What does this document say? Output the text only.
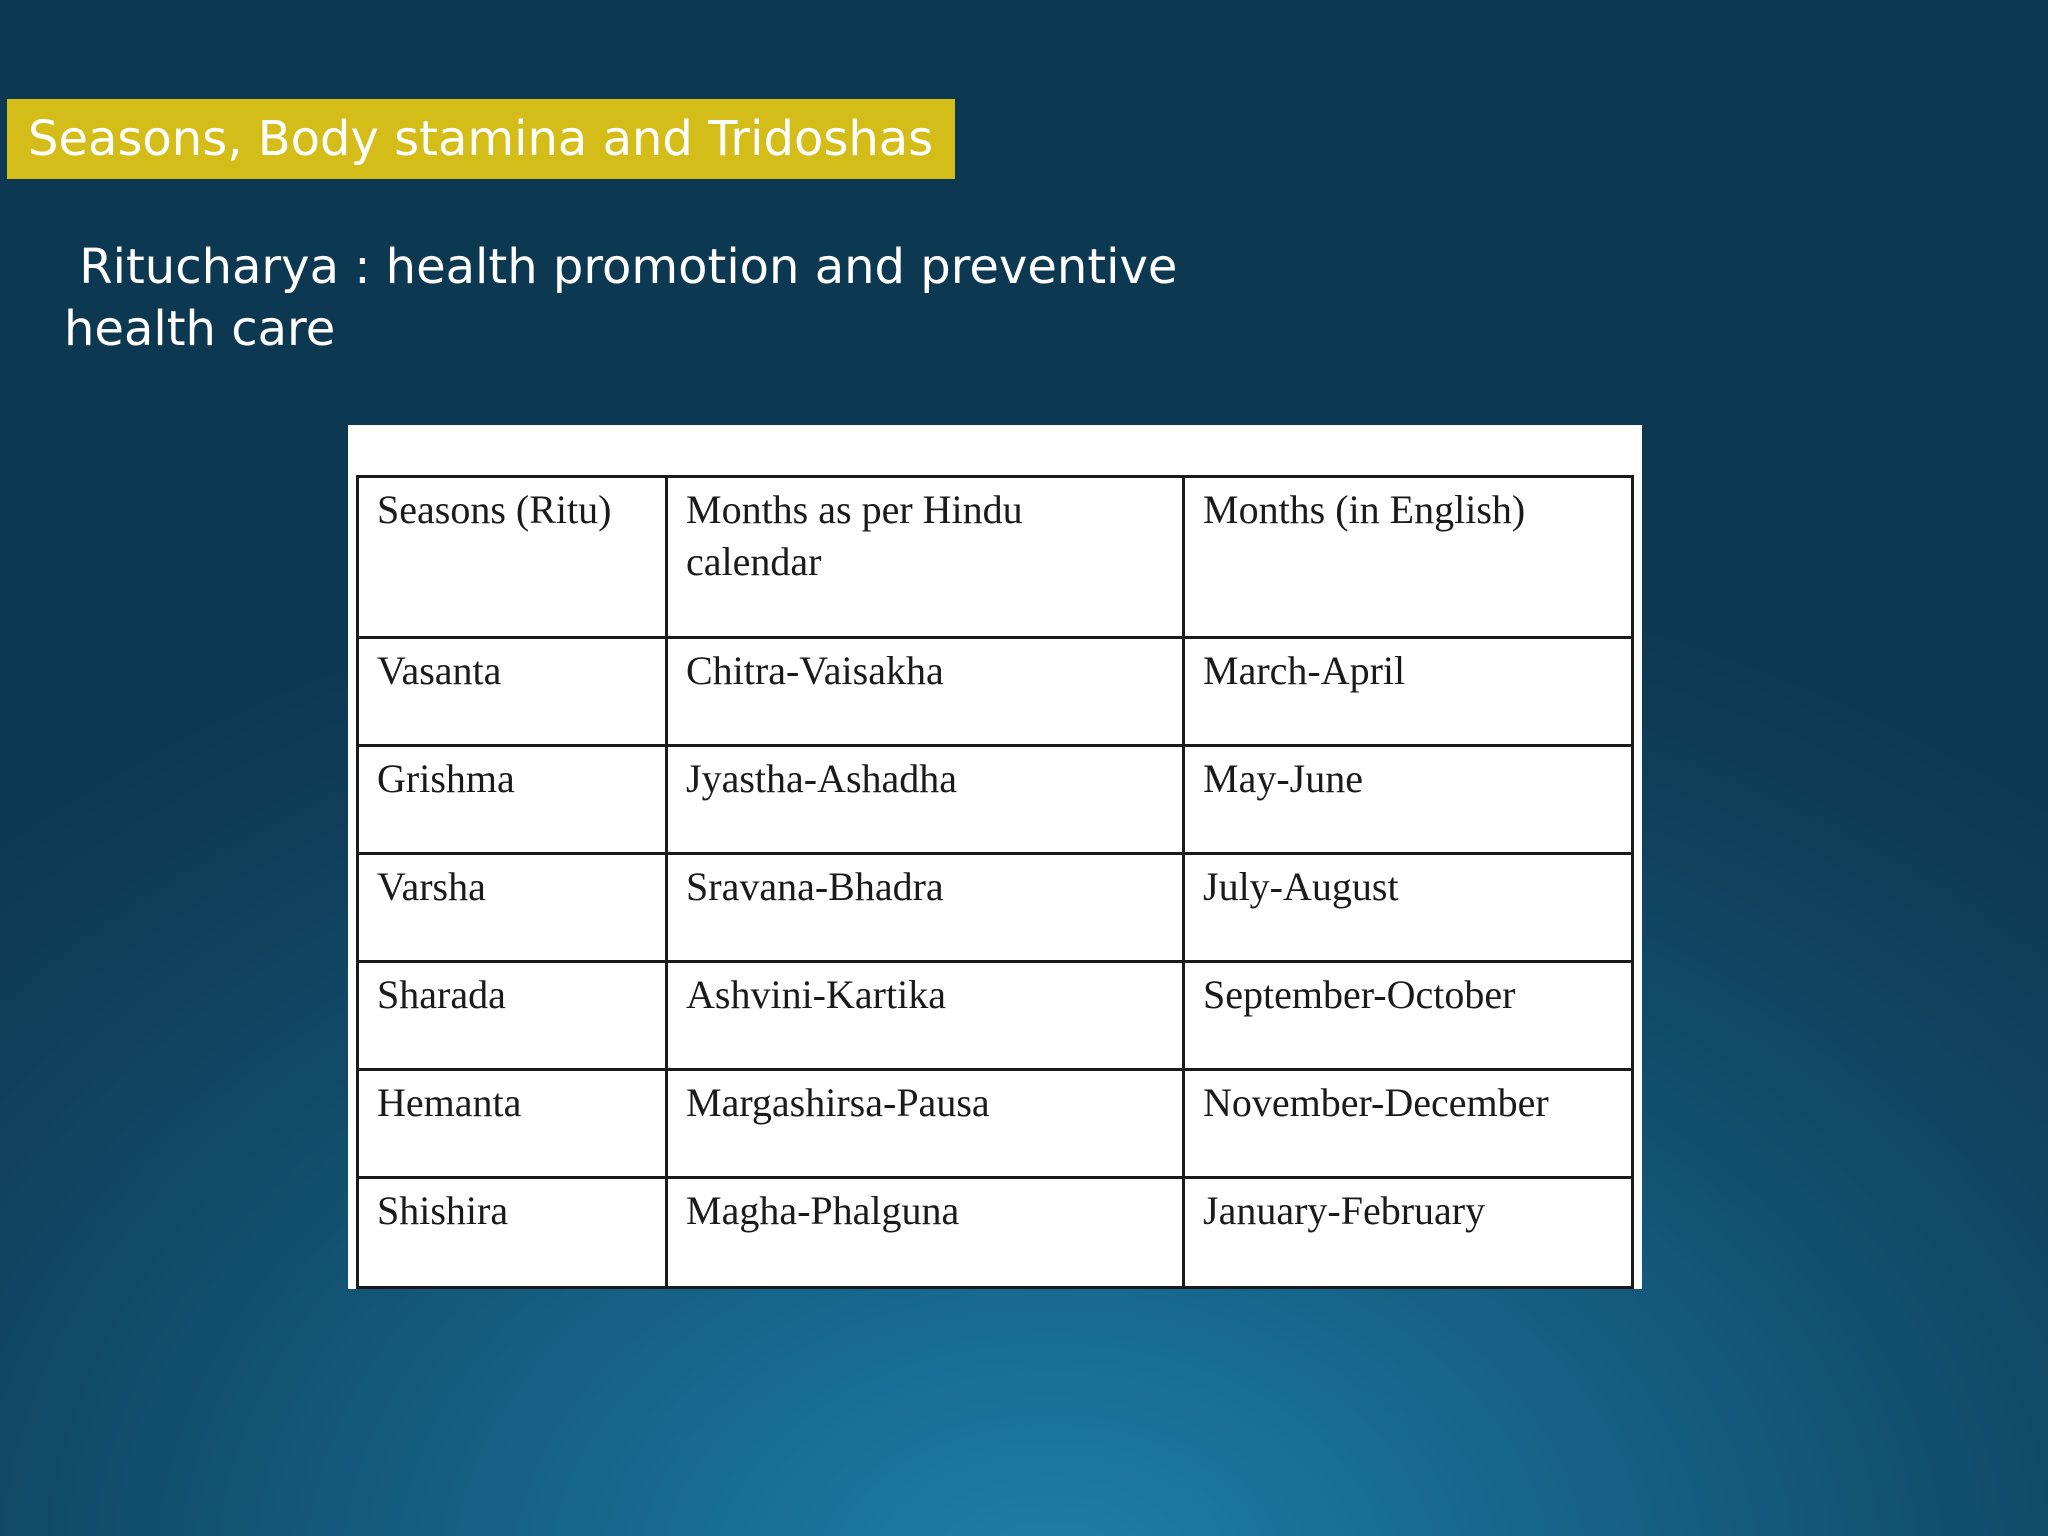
Seasons, Body stamina and Tridoshas
Ritucharya : health promotion and preventive
health care
Seasons (Ritu)	Months as per Hindu calendar	Months (in English)
Vasanta	Chitra-Vaisakha	March-April
Grishma	Jyastha-Ashadha	May-June
Varsha	Sravana-Bhadra	July-August
Sharada	Ashvini-Kartika	September-October
Hemanta	Margashirsa-Pausa	November-December
Shishira	Magha-Phalguna	January-February
